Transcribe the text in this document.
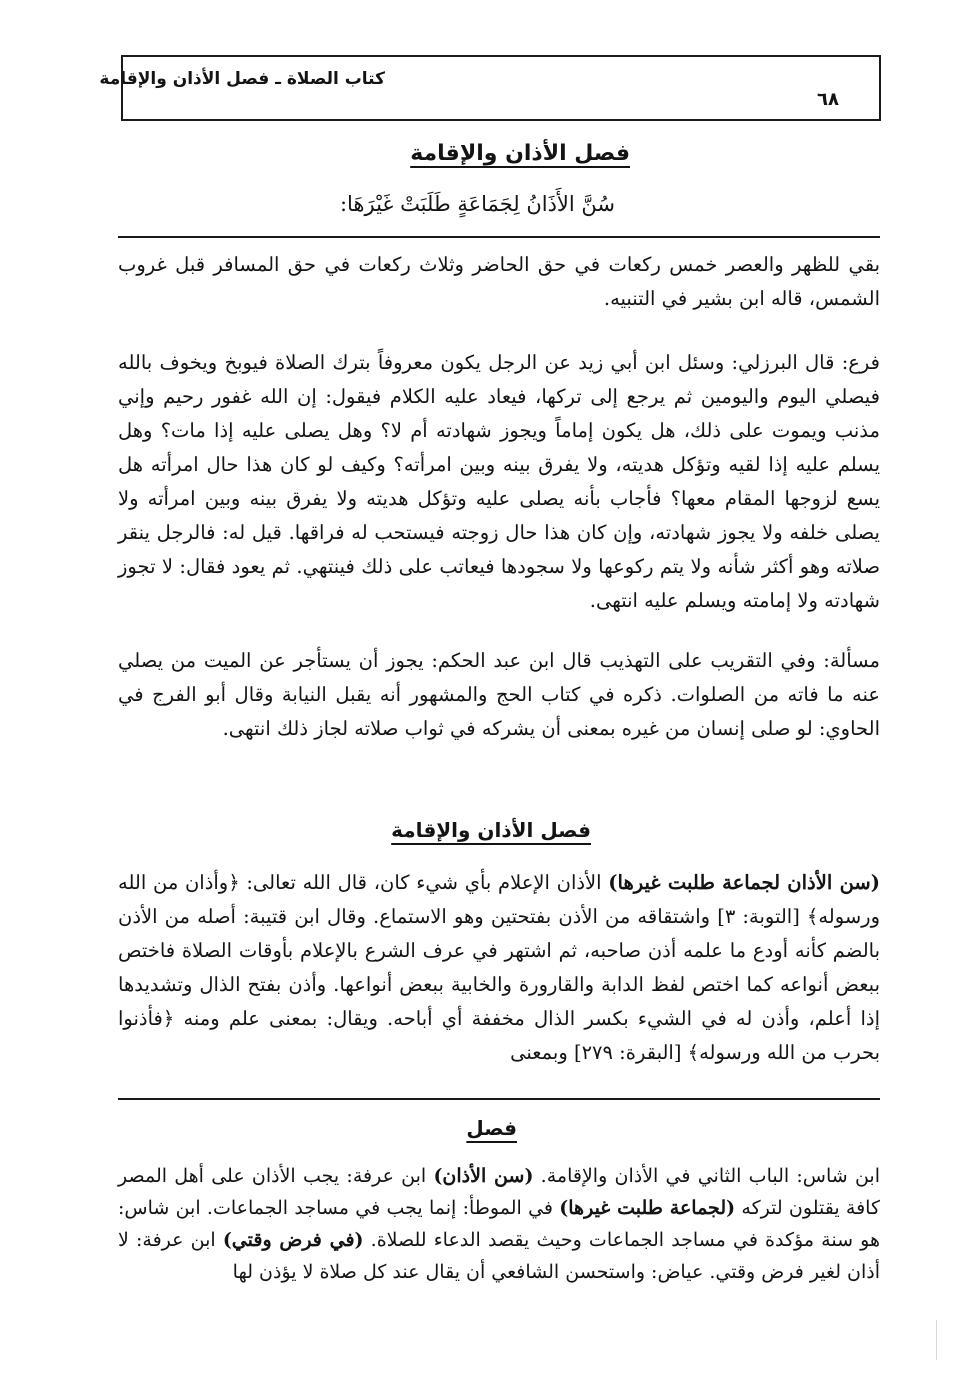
كتاب الصلاة ـ فصل الأذان والإقامة
٦٨
فصل الأذان والإقامة
سُنَّ الأَذَانُ لِجَمَاعَةٍ طَلَبَتْ غَيْرَهَا:

بقي للظهر والعصر خمس ركعات في حق الحاضر وثلاث ركعات في حق المسافر قبل غروب الشمس، قاله ابن بشير في التنبيه.

فرع: قال البرزلي: وسئل ابن أبي زيد عن الرجل يكون معروفاً بترك الصلاة فيوبخ ويخوف بالله فيصلي اليوم واليومين ثم يرجع إلى تركها، فيعاد عليه الكلام فيقول: إن الله غفور رحيم وإني مذنب ويموت على ذلك، هل يكون إماماً ويجوز شهادته أم لا؟ وهل يصلى عليه إذا مات؟ وهل يسلم عليه إذا لقيه وتؤكل هديته، ولا يفرق بينه وبين امرأته؟ وكيف لو كان هذا حال امرأته هل يسع لزوجها المقام معها؟ فأجاب بأنه يصلى عليه وتؤكل هديته ولا يفرق بينه وبين امرأته ولا يصلى خلفه ولا يجوز شهادته، وإن كان هذا حال زوجته فيستحب له فراقها. قيل له: فالرجل ينقر صلاته وهو أكثر شأنه ولا يتم ركوعها ولا سجودها فيعاتب على ذلك فينتهي. ثم يعود فقال: لا تجوز شهادته ولا إمامته ويسلم عليه انتهى.

مسألة: وفي التقريب على التهذيب قال ابن عبد الحكم: يجوز أن يستأجر عن الميت من يصلي عنه ما فاته من الصلوات. ذكره في كتاب الحج والمشهور أنه يقبل النيابة وقال أبو الفرج في الحاوي: لو صلى إنسان من غيره بمعنى أن يشركه في ثواب صلاته لجاز ذلك انتهى.

فصل الأذان والإقامة

(سن الأذان لجماعة طلبت غيرها) الأذان الإعلام بأي شيء كان، قال الله تعالى: ﴿وأذان من الله ورسوله﴾ [التوبة: ٣] واشتقاقه من الأذن بفتحتين وهو الاستماع. وقال ابن قتيبة: أصله من الأذن بالضم كأنه أودع ما علمه أذن صاحبه، ثم اشتهر في عرف الشرع بالإعلام بأوقات الصلاة فاختص ببعض أنواعه كما اختص لفظ الدابة والقارورة والخابية ببعض أنواعها. وأذن بفتح الذال وتشديدها إذا أعلم، وأذن له في الشيء بكسر الذال مخففة أي أباحه. ويقال: بمعنى علم ومنه ﴿فأذنوا بحرب من الله ورسوله﴾ [البقرة: ٢٧٩] وبمعنى

فصل

ابن شاس: الباب الثاني في الأذان والإقامة. (سن الأذان) ابن عرفة: يجب الأذان على أهل المصر كافة يقتلون لتركه (لجماعة طلبت غيرها) في الموطأ: إنما يجب في مساجد الجماعات. ابن شاس: هو سنة مؤكدة في مساجد الجماعات وحيث يقصد الدعاء للصلاة. (في فرض وقتي) ابن عرفة: لا أذان لغير فرض وقتي. عياض: واستحسن الشافعي أن يقال عند كل صلاة لا يؤذن لها
